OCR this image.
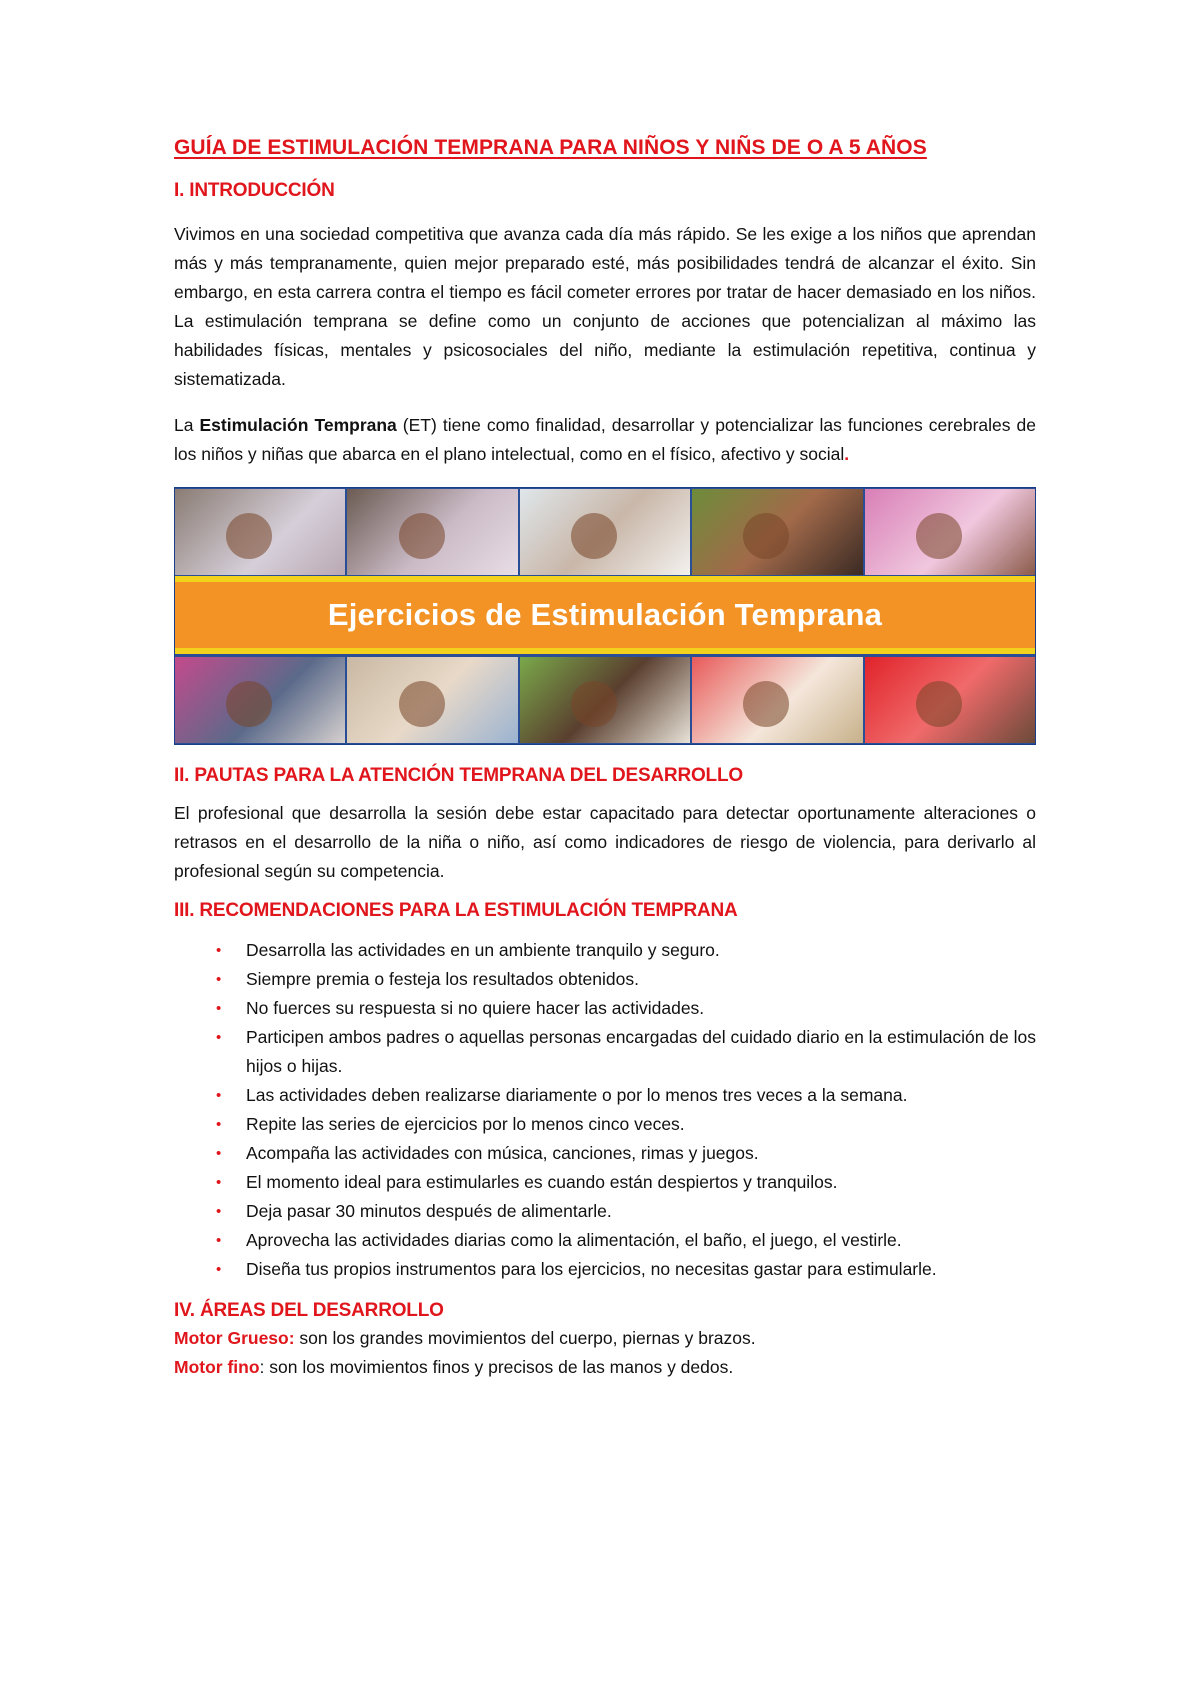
GUÍA DE ESTIMULACIÓN TEMPRANA PARA NIÑOS Y NIÑS DE O A 5 AÑOS
I. INTRODUCCIÓN

Vivimos en una sociedad competitiva que avanza cada día más rápido. Se les exige a los niños que aprendan más y más tempranamente, quien mejor preparado esté, más posibilidades tendrá de alcanzar el éxito. Sin embargo, en esta carrera contra el tiempo es fácil cometer errores por tratar de hacer demasiado en los niños. La estimulación temprana se define como un conjunto de acciones que potencializan al máximo las habilidades físicas, mentales y psicosociales del niño, mediante la estimulación repetitiva, continua y sistematizada.

La Estimulación Temprana (ET) tiene como finalidad, desarrollar y potencializar las funciones cerebrales de los niños y niñas que abarca en el plano intelectual, como en el físico, afectivo y social.

Ejercicios de Estimulación Temprana
II. PAUTAS PARA LA ATENCIÓN TEMPRANA DEL DESARROLLO

El profesional que desarrolla la sesión debe estar capacitado para detectar oportunamente alteraciones o retrasos en el desarrollo de la niña o niño, así como indicadores de riesgo de violencia, para derivarlo al profesional según su competencia.

III. RECOMENDACIONES PARA LA ESTIMULACIÓN TEMPRANA
• Desarrolla las actividades en un ambiente tranquilo y seguro.
• Siempre premia o festeja los resultados obtenidos.
• No fuerces su respuesta si no quiere hacer las actividades.
• Participen ambos padres o aquellas personas encargadas del cuidado diario en la estimulación de los hijos o hijas.
• Las actividades deben realizarse diariamente o por lo menos tres veces a la semana.
• Repite las series de ejercicios por lo menos cinco veces.
• Acompaña las actividades con música, canciones, rimas y juegos.
• El momento ideal para estimularles es cuando están despiertos y tranquilos.
• Deja pasar 30 minutos después de alimentarle.
• Aprovecha las actividades diarias como la alimentación, el baño, el juego, el vestirle.
• Diseña tus propios instrumentos para los ejercicios, no necesitas gastar para estimularle.
IV. ÁREAS DEL DESARROLLO
Motor Grueso: son los grandes movimientos del cuerpo, piernas y brazos.
Motor fino: son los movimientos finos y precisos de las manos y dedos.
